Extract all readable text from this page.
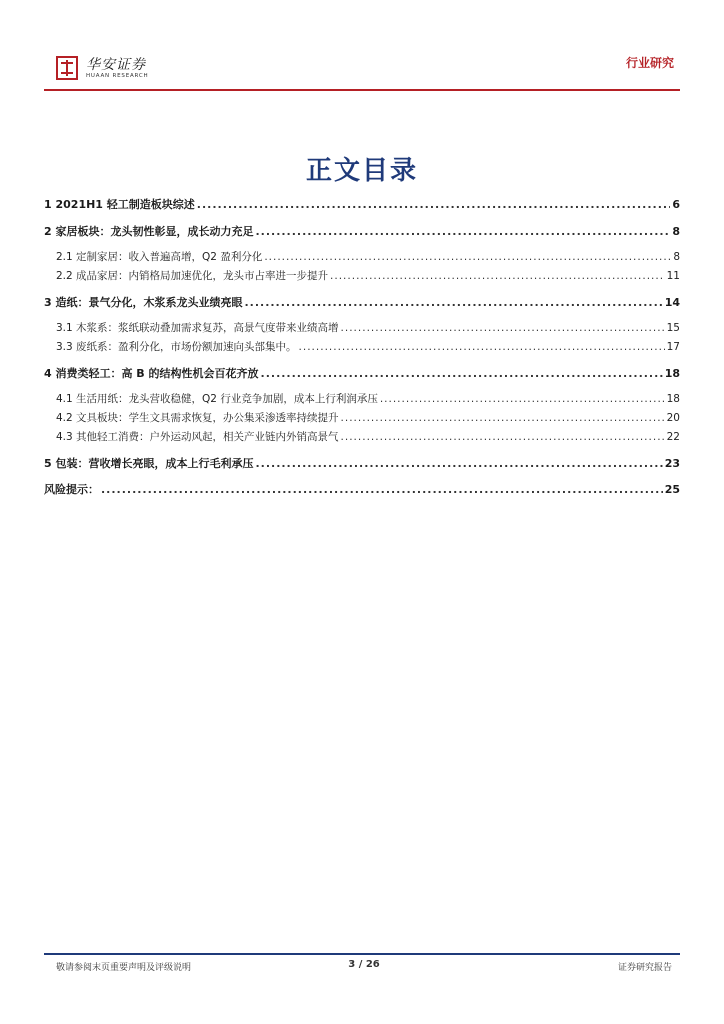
华安证券
HUAAN RESEARCH
行业研究
正文目录
1 2021H1 轻工制造板块综述 .....	6
2 家居板块：龙头韧性彰显，成长动力充足 .....	8
2.1 定制家居：收入普遍高增，Q2 盈利分化 .....	8
2.2 成品家居：内销格局加速优化，龙头市占率进一步提升 .....	11
3 造纸：景气分化，木浆系龙头业绩亮眼 .....	14
3.1 木浆系：浆纸联动叠加需求复苏，高景气度带来业绩高增 .....	15
3.3 废纸系：盈利分化，市场份额加速向头部集中。 .....	17
4 消费类轻工：高 B 的结构性机会百花齐放 .....	18
4.1 生活用纸：龙头营收稳健，Q2 行业竞争加剧，成本上行利润承压 .....	18
4.2 文具板块：学生文具需求恢复，办公集采渗透率持续提升 .....	20
4.3 其他轻工消费：户外运动风起，相关产业链内外销高景气 .....	22
5 包装：营收增长亮眼，成本上行毛利承压 .....	23
风险提示： .....	25
敬请参阅末页重要声明及评级说明	3 / 26	证券研究报告
